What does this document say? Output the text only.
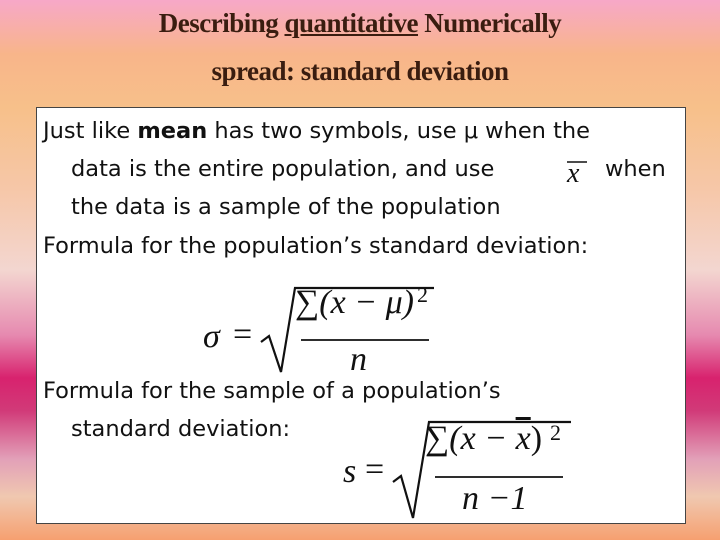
Describing quantitative Numerically
spread: standard deviation
Just like mean has two symbols, use μ when the
data is the entire population, and use	x when
the data is a sample of the population
Formula for the population’s standard deviation:
σ =
∑(x − μ) 2
n
Formula for the sample of a population’s
standard deviation:
s =
$\sum(x - \overline{x})$ 2
n −1
